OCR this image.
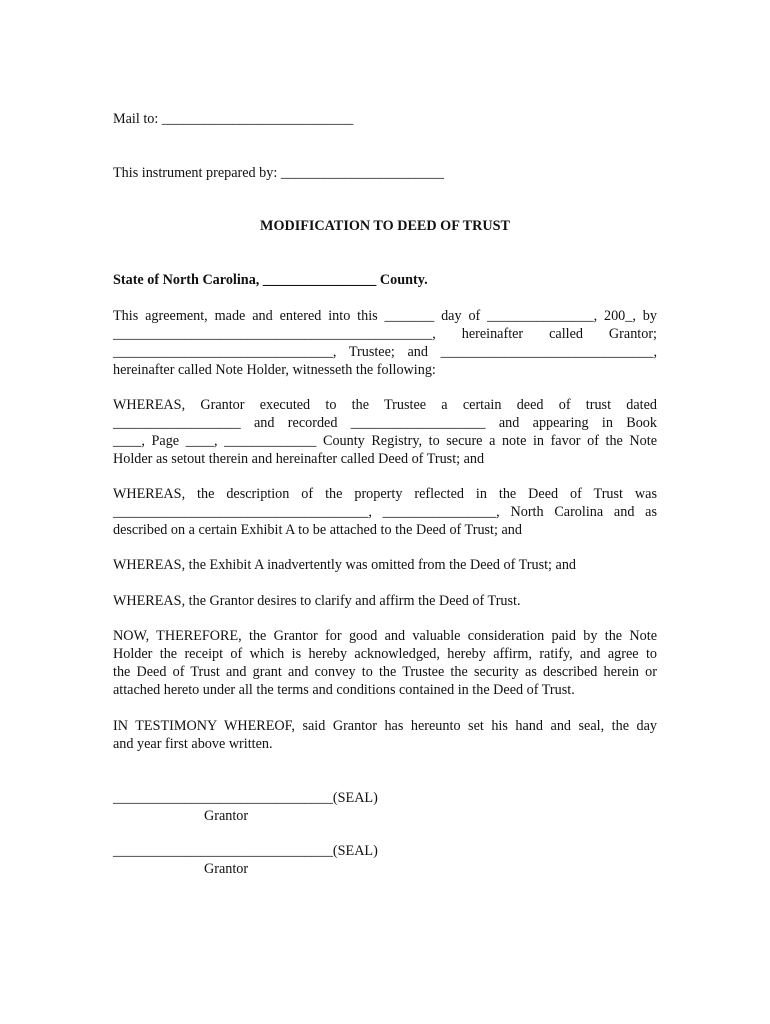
Mail to: ___________________________
This instrument prepared by: _______________________
MODIFICATION TO DEED OF TRUST
State of North Carolina, ________________ County.
This agreement, made and entered into this _______ day of _______________, 200_, by
_____________________________________________, hereinafter called Grantor;
_______________________________, Trustee; and ______________________________,
hereinafter called Note Holder, witnesseth the following:
WHEREAS, Grantor executed to the Trustee a certain deed of trust dated
__________________ and recorded ___________________ and appearing in Book
____, Page ____, _____________ County Registry, to secure a note in favor of the Note
Holder as setout therein and hereinafter called Deed of Trust; and
WHEREAS, the description of the property reflected in the Deed of Trust was
____________________________________, ________________, North Carolina and as
described on a certain Exhibit A to be attached to the Deed of Trust; and
WHEREAS, the Exhibit A inadvertently was omitted from the Deed of Trust; and
WHEREAS, the Grantor desires to clarify and affirm the Deed of Trust.
NOW, THEREFORE, the Grantor for good and valuable consideration paid by the Note
Holder the receipt of which is hereby acknowledged, hereby affirm, ratify, and agree to
the Deed of Trust and grant and convey to the Trustee the security as described herein or
attached hereto under all the terms and conditions contained in the Deed of Trust.
IN TESTIMONY WHEREOF, said Grantor has hereunto set his hand and seal, the day
and year first above written.
_______________________________(SEAL)
Grantor
_______________________________(SEAL)
Grantor
